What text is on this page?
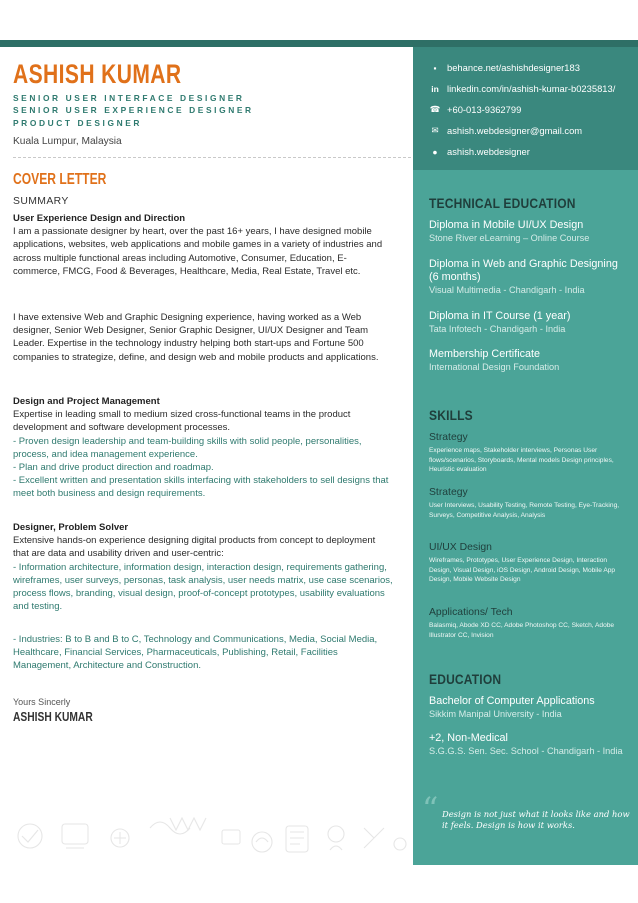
ASHISH KUMAR
SENIOR USER INTERFACE DESIGNER
SENIOR USER EXPERIENCE DESIGNER
PRODUCT DESIGNER
Kuala Lumpur, Malaysia
COVER LETTER
SUMMARY
User Experience Design and Direction
I am a passionate designer by heart, over the past 16+ years, I have designed mobile applications, websites, web applications and mobile games in a variety of industries and across multiple functional areas including Automotive, Consumer, Education, E-commerce, FMCG, Food & Beverages, Healthcare, Media, Real Estate, Travel etc.
I have extensive Web and Graphic Designing experience, having worked as a Web designer, Senior Web Designer, Senior Graphic Designer, UI/UX Designer and Team Leader. Expertise in the technology industry helping both start-ups and Fortune 500 companies to strategize, define, and design web and mobile products and applications.
Design and Project Management
Expertise in leading small to medium sized cross-functional teams in the product development and software development processes.
- Proven design leadership and team-building skills with solid people, personalities, process, and idea management experience.
- Plan and drive product direction and roadmap.
- Excellent written and presentation skills interfacing with stakeholders to sell designs that meet both business and design requirements.
Designer, Problem Solver
Extensive hands-on experience designing digital products from concept to deployment that are data and usability driven and user-centric:
- Information architecture, information design, interaction design, requirements gathering, wireframes, user surveys, personas, task analysis, user needs matrix, use case scenarios, process flows, branding, visual design, proof-of-concept prototypes, usability evaluations and testing.
- Industries: B to B and B to C, Technology and Communications, Media, Social Media, Healthcare, Financial Services, Pharmaceuticals, Publishing, Retail, Facilities Management, Architecture and Construction.
Yours Sincerly
ASHISH KUMAR
▪	behance.net/ashishdesigner183
in linkedin.com/in/ashish-kumar-b0235813/
☎ +60-013-9362799
✉ ashish.webdesigner@gmail.com
●	ashish.webdesigner
TECHNICAL EDUCATION
Diploma in Mobile UI/UX Design
Stone River eLearning – Online Course
Diploma in Web and Graphic Designing (6 months)
Visual Multimedia - Chandigarh - India
Diploma in IT Course (1 year)
Tata Infotech - Chandigarh - India
Membership Certificate
International Design Foundation
SKILLS
Strategy
Experience maps, Stakeholder interviews, Personas User flows/scenarios, Storyboards, Mental models Design principles, Heuristic evaluation
Strategy
User Interviews, Usability Testing, Remote Testing, Eye-Tracking, Surveys, Competitive Analysis, Analysis
UI/UX Design
Wireframes, Prototypes, User Experience Design, Interaction Design, Visual Design, iOS Design, Android Design, Mobile App Design, Mobile Website Design
Applications/ Tech
Balasmiq, Abode XD CC, Adobe Photoshop CC, Sketch, Adobe Illustrator CC, Invision
EDUCATION
Bachelor of Computer Applications
Sikkim Manipal University - India
+2, Non-Medical
S.G.G.S. Sen. Sec. School - Chandigarh - India
“ Design is not just what it looks like and how it feels. Design is how it works.
